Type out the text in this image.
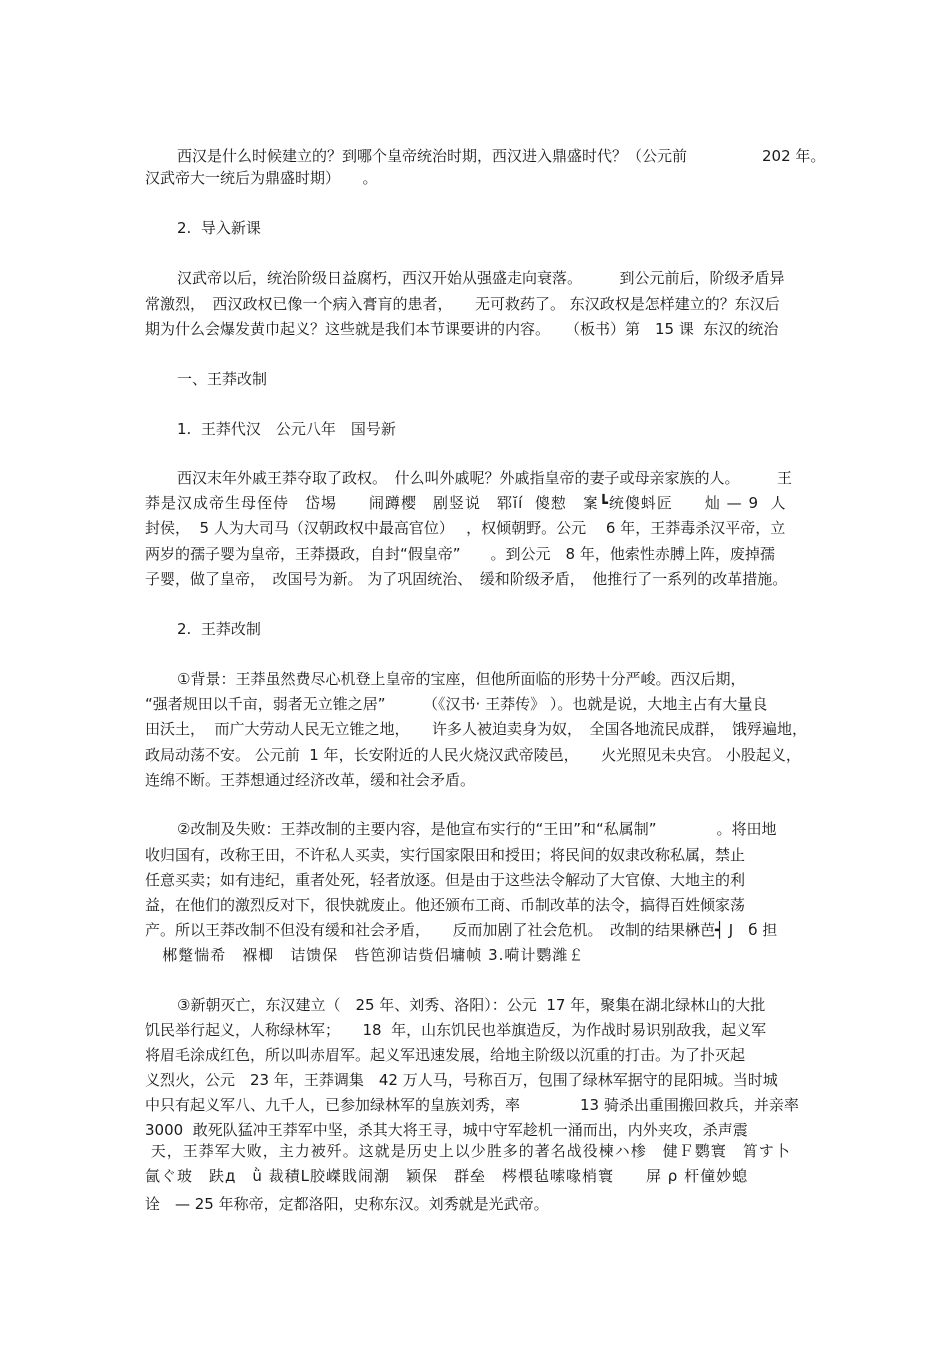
西汉是什么时候建立的？到哪个皇帝统治时期，西汉进入鼎盛时代？（公元前　　　　　202 年。

汉武帝大一统后为鼎盛时期）　　。

2.  导入新课

汉武帝以后，统治阶级日益腐朽，西汉开始从强盛走向衰落。　　　到公元前后，阶级矛盾异

常激烈，　西汉政权已像一个病入膏肓的患者，　　无可救药了。 东汉政权是怎样建立的？东汉后

期为什么会爆发黄巾起义？这些就是我们本节课要讲的内容。　　（板书）第　15 课  东汉的统治

一、王莽改制

1.  王莽代汉　公元八年　国号新

西汉末年外戚王莽夺取了政权。　什么叫外戚呢？外戚指皇帝的妻子或母亲家族的人。　　　王

莽是汉成帝生母侄侍　岱埸　　闹蹲樱　剧竖说　郓ĭí  傻愸　䅁┗统傻蚪匠　　灿 — 9  人

封侯，  5 人为大司马（汉朝政权中最高官位）　 ，权倾朝野。公元　 6 年，王莽毒杀汉平帝，立

两岁的孺子婴为皇帝，王莽摄政，自封“假皇帝”　　。到公元　8 年，他索性赤膊上阵，废掉孺

子婴，做了皇帝，　改国号为新。 为了巩固统治、　缓和阶级矛盾，　他推行了一系列的改革措施。

2.  王莽改制

①背景：王莽虽然费尽心机登上皇帝的宝座，但他所面临的形势十分严峻。西汉后期，

“强者规田以千亩，弱者无立锥之居”　　　（《汉书· 王莽传》 ）。也就是说，大地主占有大量良

田沃土，  而广大劳动人民无立锥之地，　　许多人被迫卖身为奴，　全国各地流民成群，　饿殍遍地，

政局动荡不安。 公元前  1 年，长安附近的人民火烧汉武帝陵邑，　　火光照见未央宫。 小股起义，

连绵不断。王莽想通过经济改革，缓和社会矛盾。

②改制及失败：王莽改制的主要内容，是他宣布实行的“王田”和“私属制”　　　　。将田地

收归国有，改称王田，不许私人买卖，实行国家限田和授田；将民间的奴隶改称私属，禁止

任意买卖；如有违纪，重者处死，轻者放逐。但是由于这些法令解动了大官僚、大地主的利

益，在他们的激烈反对下，很快就废止。他还颁布工商、币制改革的法令，搞得百姓倾家荡

产。所以王莽改制不但没有缓和社会矛盾，　　反而加剧了社会危机。　改制的结果楙芭┥ J　б 担

郴蹩惴希　褓楖　诘馈保　呰笆泖诘赀侣墉帧 3.嗬计鹦潍￡

③新朝灭亡，东汉建立（　25 年、刘秀、洛阳）：公元  17 年，聚集在湖北绿林山的大批

饥民举行起义，人称绿林军；　　18  年，山东饥民也举旗造反，为作战时易识别敌我，起义军

将眉毛涂成红色，所以叫赤眉军。起义军迅速发展，给地主阶级以沉重的打击。为了扑灭起

义烈火，公元　23 年，王莽调集　42 万人马，号称百万，包围了绿林军据守的昆阳城。当时城

中只有起义军八、九千人，已参加绿林军的皇族刘秀，率　　　　13 骑杀出重围搬回救兵，并亲率

3000  敢死队猛冲王莽军中坚，杀其大将王寻，城中守军趁机一涌而出，内外夹攻，杀声震

天，王莽军大败，主力被歼。这就是历史上以少胜多的著名战役楝ハ椮　健Ｆ鹦寰　筲す卜

氤ぐ玻　趺д　ǜ 裁積Ⅼ胶嵥戝闹潮　颖保　群垒　梣椳毡嗦喙梢寰　　屏 ρ 杆僮妙螅

诠　— 25 年称帝，定都洛阳，史称东汉。刘秀就是光武帝。
